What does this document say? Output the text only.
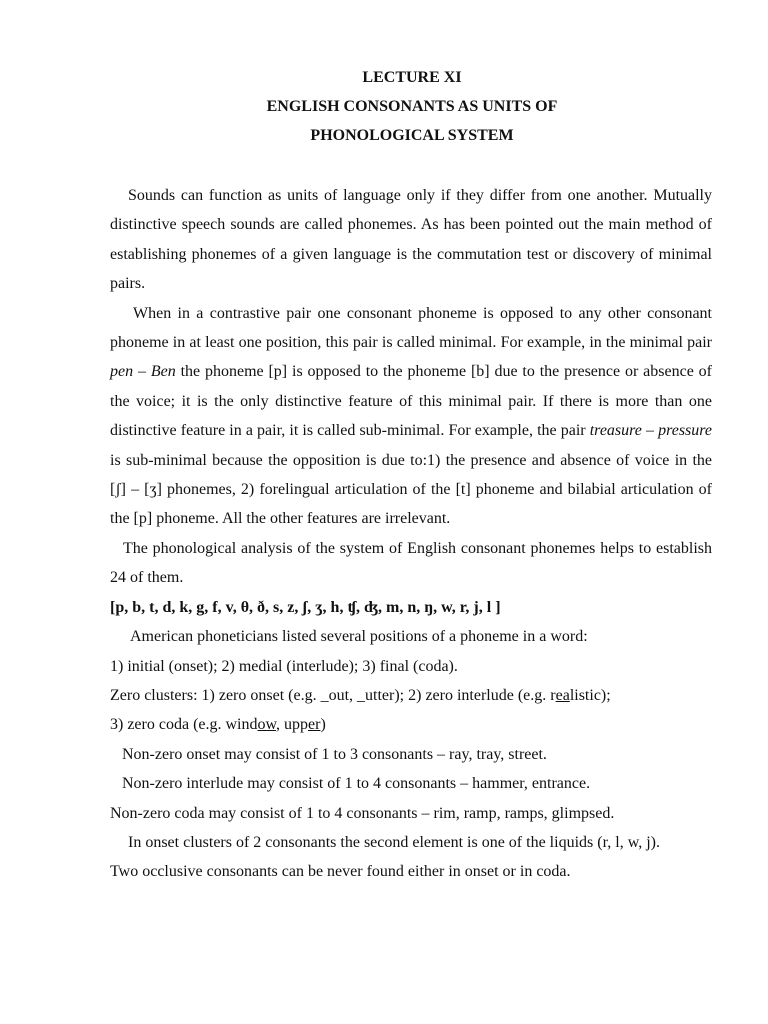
LECTURE XI
ENGLISH CONSONANTS AS UNITS OF
PHONOLOGICAL SYSTEM

Sounds can function as units of language only if they differ from one another. Mutually distinctive speech sounds are called phonemes. As has been pointed out the main method of establishing phonemes of a given language is the commutation test or discovery of minimal pairs.

When in a contrastive pair one consonant phoneme is opposed to any other consonant phoneme in at least one position, this pair is called minimal. For example, in the minimal pair pen – Ben the phoneme [p] is opposed to the phoneme [b] due to the presence or absence of the voice; it is the only distinctive feature of this minimal pair. If there is more than one distinctive feature in a pair, it is called sub-minimal. For example, the pair treasure – pressure is sub-minimal because the opposition is due to:1) the presence and absence of voice in the [ʃ] – [ʒ] phonemes, 2) forelingual articulation of the [t] phoneme and bilabial articulation of the [p] phoneme. All the other features are irrelevant.

The phonological analysis of the system of English consonant phonemes helps to establish 24 of them.

[p, b, t, d, k, g, f, v, θ, ð, s, z, ʃ, ʒ, h, ʧ, ʤ, m, n, ŋ, w, r, j, l ]

American phoneticians listed several positions of a phoneme in a word:

1) initial (onset); 2) medial (interlude); 3) final (coda).

Zero clusters: 1) zero onset (e.g. _out, _utter); 2) zero interlude (e.g. realistic);

3) zero coda (e.g. window, upper)

Non-zero onset may consist of 1 to 3 consonants – ray, tray, street.

Non-zero interlude may consist of 1 to 4 consonants – hammer, entrance.

Non-zero coda may consist of 1 to 4 consonants – rim, ramp, ramps, glimpsed.

In onset clusters of 2 consonants the second element is one of the liquids (r, l, w, j).

Two occlusive consonants can be never found either in onset or in coda.
